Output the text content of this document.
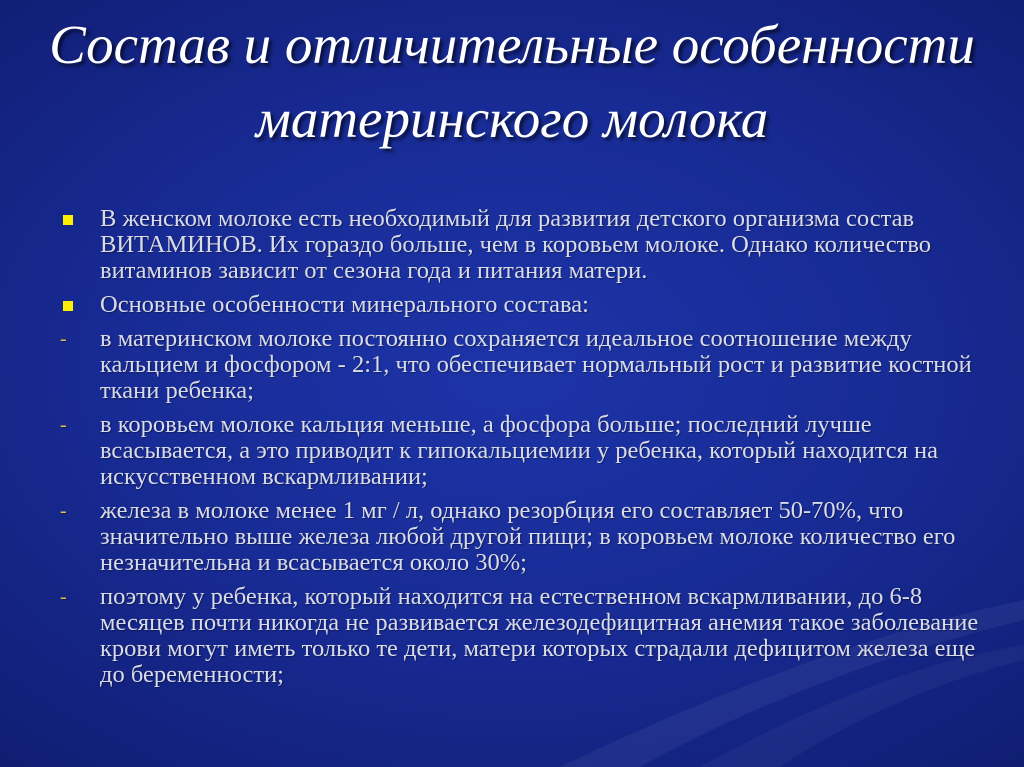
Состав и отличительные особенности
материнского молока
В женском молоке есть необходимый для развития детского организма состав ВИТАМИНОВ. Их гораздо больше, чем в коровьем молоке. Однако количество витаминов зависит от сезона года и питания матери.
Основные особенности минерального состава:
- в материнском молоке постоянно сохраняется идеальное соотношение между кальцием и фосфором - 2:1, что обеспечивает нормальный рост и развитие костной ткани ребенка;
- в коровьем молоке кальция меньше, а фосфора больше; последний лучше всасывается, а это приводит к гипокальциемии у ребенка, который находится на искусственном вскармливании;
- железа в молоке менее 1 мг / л, однако резорбция его составляет 50-70%, что значительно выше железа любой другой пищи; в коровьем молоке количество его незначительна и всасывается около 30%;
- поэтому у ребенка, который находится на естественном вскармливании, до 6-8 месяцев почти никогда не развивается железодефицитная анемия такое заболевание крови могут иметь только те дети, матери которых страдали дефицитом железа еще до беременности;
